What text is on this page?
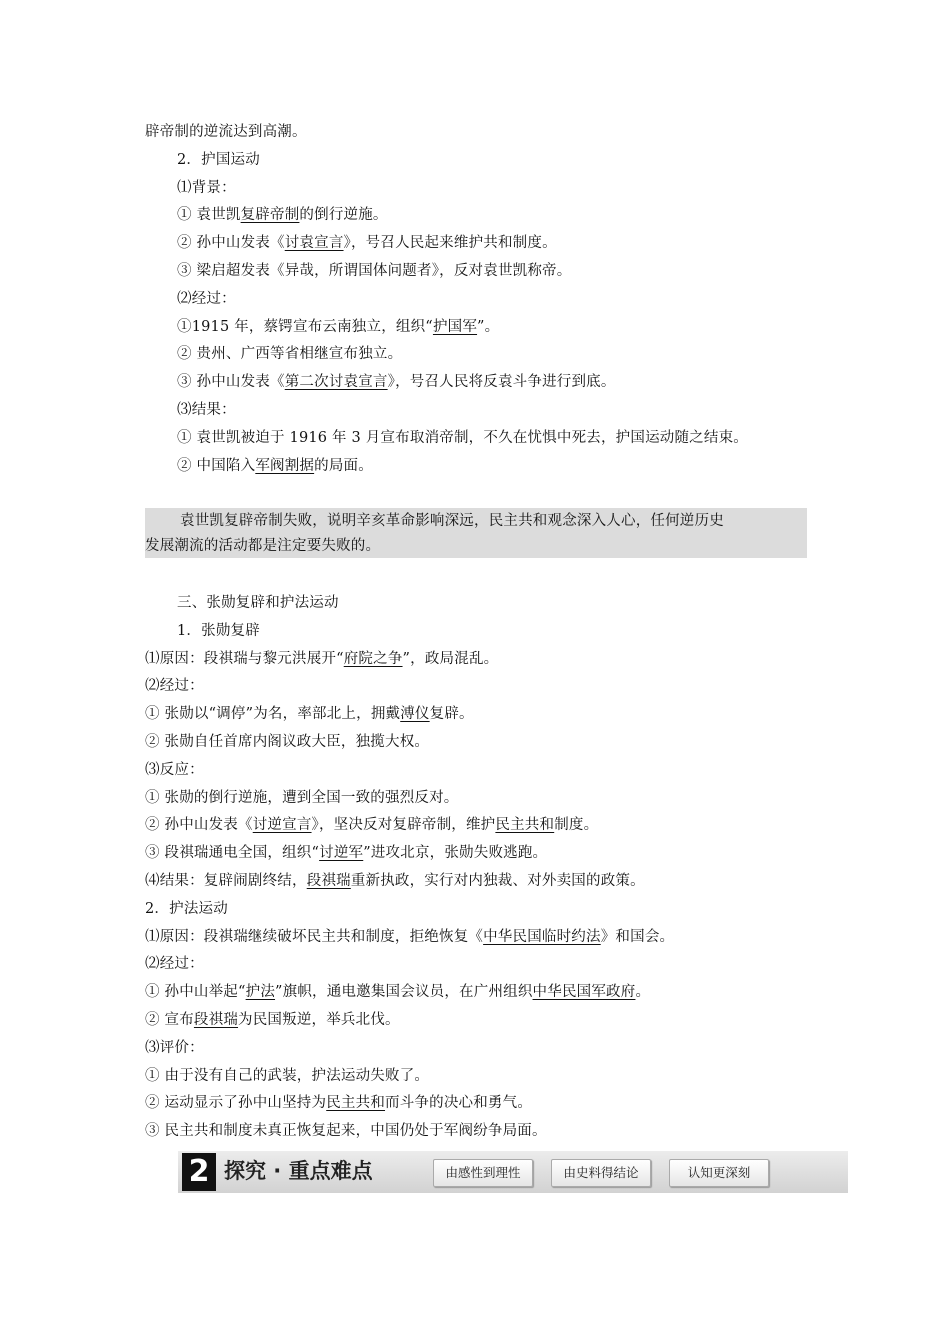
辟帝制的逆流达到高潮。
2．护国运动
⑴背景：
① 袁世凯复辟帝制的倒行逆施。
② 孙中山发表《讨袁宣言》，号召人民起来维护共和制度。
③ 梁启超发表《异哉，所谓国体问题者》，反对袁世凯称帝。
⑵经过：
①1915 年，蔡锷宣布云南独立，组织“护国军”。
② 贵州、广西等省相继宣布独立。
③ 孙中山发表《第二次讨袁宣言》，号召人民将反袁斗争进行到底。
⑶结果：
① 袁世凯被迫于 1916 年 3 月宣布取消帝制，不久在忧惧中死去，护国运动随之结束。
② 中国陷入军阀割据的局面。
袁世凯复辟帝制失败，说明辛亥革命影响深远，民主共和观念深入人心，任何逆历史
发展潮流的活动都是注定要失败的。
三、张勋复辟和护法运动
1．张勋复辟
⑴原因：段祺瑞与黎元洪展开“府院之争”，政局混乱。
⑵经过：
① 张勋以“调停”为名，率部北上，拥戴溥仪复辟。
② 张勋自任首席内阁议政大臣，独揽大权。
⑶反应：
① 张勋的倒行逆施，遭到全国一致的强烈反对。
② 孙中山发表《讨逆宣言》，坚决反对复辟帝制，维护民主共和制度。
③ 段祺瑞通电全国，组织“讨逆军”进攻北京，张勋失败逃跑。
⑷结果：复辟闹剧终结，段祺瑞重新执政，实行对内独裁、对外卖国的政策。
2．护法运动
⑴原因：段祺瑞继续破坏民主共和制度，拒绝恢复《中华民国临时约法》和国会。
⑵经过：
① 孙中山举起“护法”旗帜，通电邀集国会议员，在广州组织中华民国军政府。
② 宣布段祺瑞为民国叛逆，举兵北伐。
⑶评价：
① 由于没有自己的武装，护法运动失败了。
② 运动显示了孙中山坚持为民主共和而斗争的决心和勇气。
③ 民主共和制度未真正恢复起来，中国仍处于军阀纷争局面。
2 探究 · 重点难点	由感性到理性	由史料得结论	认知更深刻
